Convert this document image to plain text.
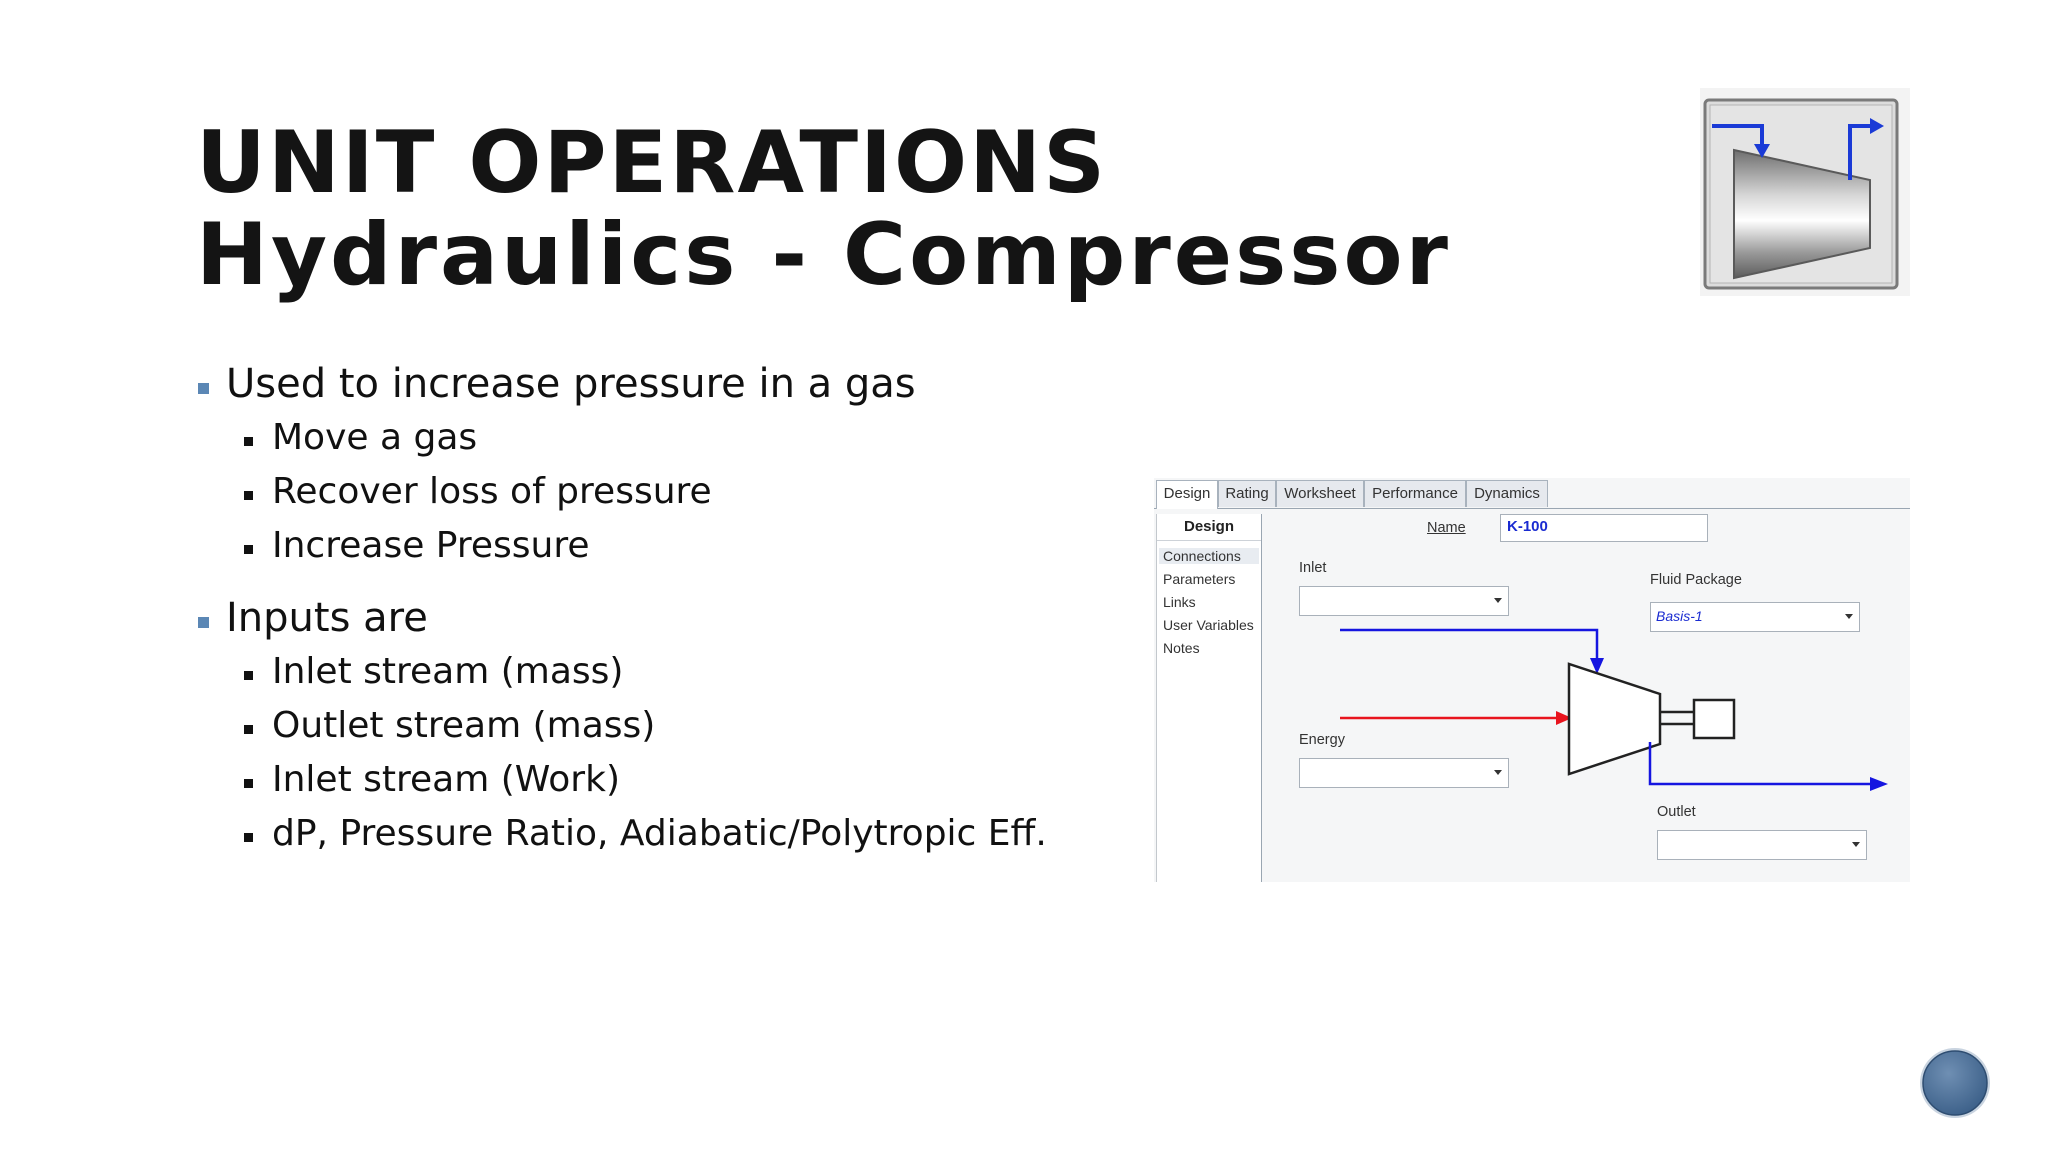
UNIT OPERATIONS
Hydraulics - Compressor
Used to increase pressure in a gas
Move a gas
Recover loss of pressure
Increase Pressure
Inputs are
Inlet stream (mass)
Outlet stream (mass)
Inlet stream (Work)
dP, Pressure Ratio, Adiabatic/Polytropic Eff.
Design Rating	Worksheet	Performance	Dynamics
Design
Connections
Parameters
Links
User Variables
Notes
Name	K-100
Inlet
Fluid Package
Basis-1
Energy
Outlet
